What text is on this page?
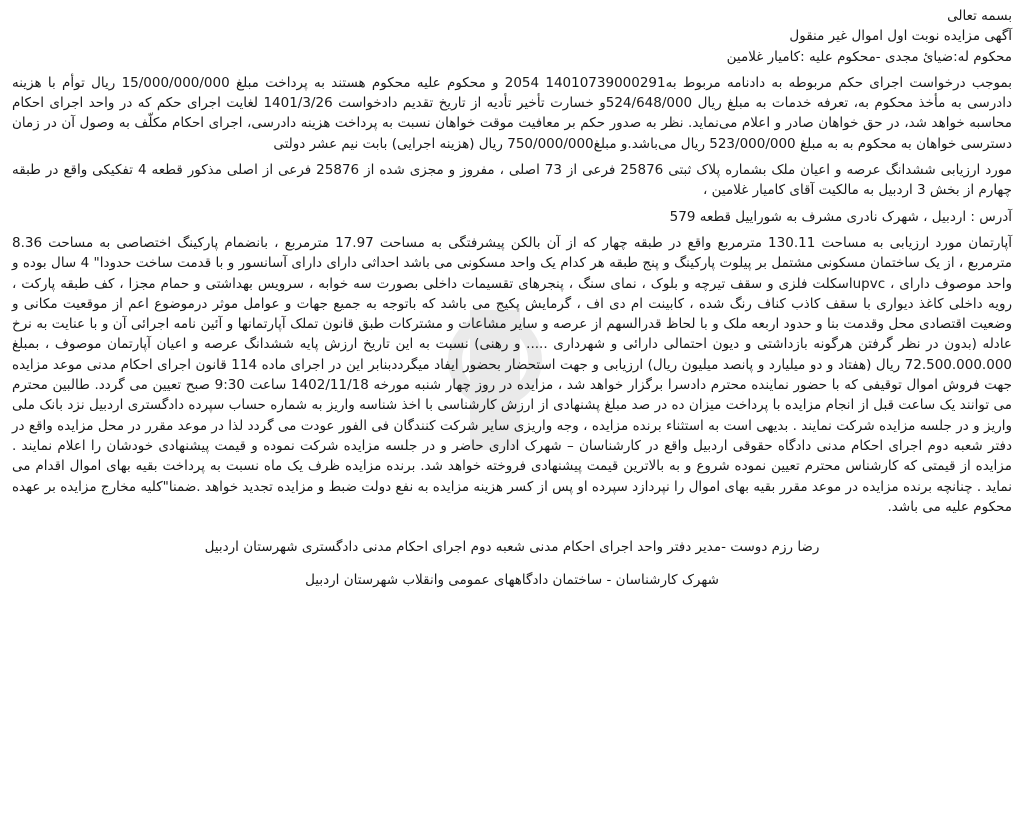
بسمه تعالی

آگهی مزایده نوبت اول اموال غیر منقول

محکوم له:ضیائ مجدی -محکوم علیه :کامیار غلامین

بموجب درخواست اجرای حکم مربوطه به دادنامه مربوط به14010739000291 2054 و محکوم علیه محکوم هستند به پرداخت مبلغ 15/000/000/000 ریال توأم با هزینه دادرسی به مأخذ محکوم به، تعرفه خدمات به مبلغ ریال 524/648/000و خسارت تأخیر تأدیه از تاریخ تقدیم دادخواست 1401/3/26 لغایت اجرای حکم که در واحد اجرای احکام محاسبه خواهد شد، در حق خواهان صادر و اعلام می‌نماید. نظر به صدور حکم بر معافیت موقت خواهان نسبت به پرداخت هزینه دادرسی، اجرای احکام مکلّف به وصول آن در زمان دسترسی خواهان به محکوم به به مبلغ 523/000/000 ریال می‌باشد.و مبلغ750/000/000 ریال (هزینه اجرایی) بابت نیم عشر دولتی

مورد ارزیابی ششدانگ عرصه و اعیان ملک بشماره پلاک ثبتی 25876 فرعی از 73 اصلی ، مفروز و مجزی شده از 25876 فرعی از اصلی مذکور قطعه 4 تفکیکی واقع در طبقه چهارم از بخش 3 اردبیل به مالکیت آقای کامیار غلامین ،

آدرس : اردبیل ، شهرک نادری مشرف به شوراییل قطعه 579

آپارتمان مورد ارزیابی به مساحت 130.11 مترمربع واقع در طبقه چهار که از آن بالکن پیشرفتگی به مساحت 17.97 مترمربع ، بانضمام پارکینگ اختصاصی به مساحت 8.36 مترمربع ، از یک ساختمان مسکونی مشتمل بر پیلوت پارکینگ و پنج طبقه هر کدام یک واحد مسکونی می باشد احداثی دارای دارای آسانسور و با قدمت ساخت حدودا" 4 سال بوده و واحد موصوف دارای ، upvcاسکلت فلزی و سقف تیرچه و بلوک ، نمای سنگ ، پنجرهای تقسیمات داخلی بصورت سه خوابه ، سرویس بهداشتی و حمام مجزا ، کف طبقه پارکت ، رویه داخلی کاغذ دیواری با سقف کاذب کناف رنگ شده ، کابینت ام دی اف ، گرمایش پکیج می باشد که باتوجه به جمیع جهات و عوامل موثر درموضوع اعم از موقعیت مکانی و وضعیت اقتصادی محل وقدمت بنا و حدود اربعه ملک و با لحاظ قدرالسهم از عرصه و سایر مشاعات و مشترکات طبق قانون تملک آپارتمانها و آئین نامه اجرائی آن و با عنایت به نرخ عادله (بدون در نظر گرفتن هرگونه بازداشتی و دیون احتمالی دارائی و شهرداری ..... و رهنی) نسبت به این تاریخ ارزش پایه ششدانگ عرصه و اعیان آپارتمان موصوف ، بمبلغ 72.500.000.000 ریال (هفتاد و دو میلیارد و پانصد میلیون ریال) ارزیابی و جهت استحضار بحضور ایفاد میگرددبنابر این در اجرای ماده 114 قانون اجرای احکام مدنی موعد مزایده جهت فروش اموال توقیفی که با حضور نماینده محترم دادسرا برگزار خواهد شد ، مزایده در روز چهار شنبه مورخه 1402/11/18 ساعت 9:30 صبح تعیین می گردد. طالبین محترم می توانند یک ساعت قبل از انجام مزایده با پرداخت میزان ده در صد مبلغ پشنهادی از ارزش کارشناسی با اخذ شناسه واریز به شماره حساب سپرده دادگستری اردبیل نزد بانک ملی واریز و در جلسه مزایده شرکت نمایند . بدیهی است به استثناء برنده مزایده ، وجه واریزی سایر شرکت کنندگان فی الفور عودت می گردد لذا در موعد مقرر در محل مزایده واقع در دفتر شعبه دوم اجرای احکام مدنی دادگاه حقوقی اردبیل واقع در کارشناسان – شهرک اداری حاضر و در جلسه مزایده شرکت نموده و قیمت پیشنهادی خودشان را اعلام نمایند . مزایده از قیمتی که کارشناس محترم تعیین نموده شروع و به بالاترین قیمت پیشنهادی فروخته خواهد شد. برنده مزایده ظرف یک ماه نسبت به پرداخت بقیه بهای اموال اقدام می نماید . چنانچه برنده مزایده در موعد مقرر بقیه بهای اموال را نپردازد سپرده او پس از کسر هزینه مزایده به نفع دولت ضبط و مزایده تجدید خواهد .ضمنا"کلیه مخارج مزایده بر عهده محکوم علیه می باشد.

رضا رزم دوست -مدیر دفتر واحد اجرای احکام مدنی شعبه دوم اجرای احکام مدنی دادگستری شهرستان اردبیل

شهرک کارشناسان - ساختمان دادگاههای عمومی وانقلاب شهرستان اردبیل
